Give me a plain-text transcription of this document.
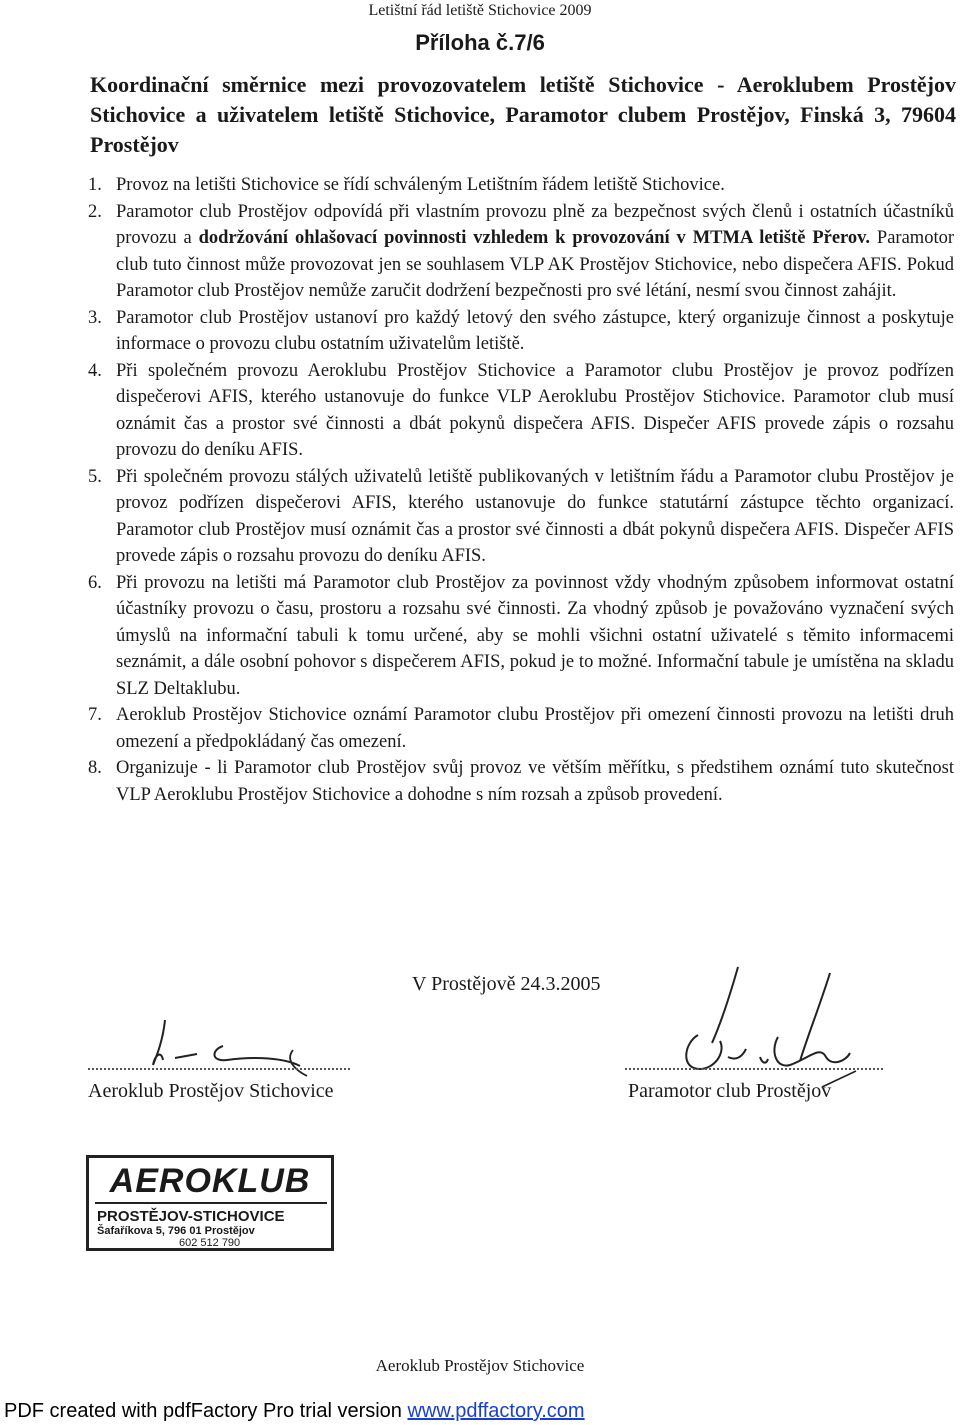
Letištní řád letiště Stichovice 2009
Příloha č.7/6
Koordinační směrnice mezi provozovatelem letiště Stichovice - Aeroklubem Prostějov Stichovice a uživatelem letiště Stichovice, Paramotor clubem Prostějov, Finská 3, 79604 Prostějov
1. Provoz na letišti Stichovice se řídí schváleným Letištním řádem letiště Stichovice.
2. Paramotor club Prostějov odpovídá při vlastním provozu plně za bezpečnost svých členů i ostatních účastníků provozu a dodržování ohlašovací povinnosti vzhledem k provozování v MTMA letiště Přerov. Paramotor club tuto činnost může provozovat jen se souhlasem VLP AK Prostějov Stichovice, nebo dispečera AFIS. Pokud Paramotor club Prostějov nemůže zaručit dodržení bezpečnosti pro své létání, nesmí svou činnost zahájit.
3. Paramotor club Prostějov ustanoví pro každý letový den svého zástupce, který organizuje činnost a poskytuje informace o provozu clubu ostatním uživatelům letiště.
4. Při společném provozu Aeroklubu Prostějov Stichovice a Paramotor clubu Prostějov je provoz podřízen dispečerovi AFIS, kterého ustanovuje do funkce VLP Aeroklubu Prostějov Stichovice. Paramotor club musí oznámit čas a prostor své činnosti a dbát pokynů dispečera AFIS. Dispečer AFIS provede zápis o rozsahu provozu do deníku AFIS.
5. Při společném provozu stálých uživatelů letiště publikovaných v letištním řádu a Paramotor clubu Prostějov je provoz podřízen dispečerovi AFIS, kterého ustanovuje do funkce statutární zástupce těchto organizací. Paramotor club Prostějov musí oznámit čas a prostor své činnosti a dbát pokynů dispečera AFIS. Dispečer AFIS provede zápis o rozsahu provozu do deníku AFIS.
6. Při provozu na letišti má Paramotor club Prostějov za povinnost vždy vhodným způsobem informovat ostatní účastníky provozu o času, prostoru a rozsahu své činnosti. Za vhodný způsob je považováno vyznačení svých úmyslů na informační tabuli k tomu určené, aby se mohli všichni ostatní uživatelé s těmito informacemi seznámit, a dále osobní pohovor s dispečerem AFIS, pokud je to možné. Informační tabule je umístěna na skladu SLZ Deltaklubu.
7. Aeroklub Prostějov Stichovice oznámí Paramotor clubu Prostějov při omezení činnosti provozu na letišti druh omezení a předpokládaný čas omezení.
8. Organizuje - li Paramotor club Prostějov svůj provoz ve větším měřítku, s předstihem oznámí tuto skutečnost VLP Aeroklubu Prostějov Stichovice a dohodne s ním rozsah a způsob provedení.
V Prostějově 24.3.2005
Aeroklub Prostějov Stichovice	Paramotor club Prostějov
AEROKLUB
PROSTĚJOV-STICHOVICE
Šafaříkova 5, 796 01 Prostějov
602 512 790
Aeroklub Prostějov Stichovice
PDF created with pdfFactory Pro trial version www.pdffactory.com
